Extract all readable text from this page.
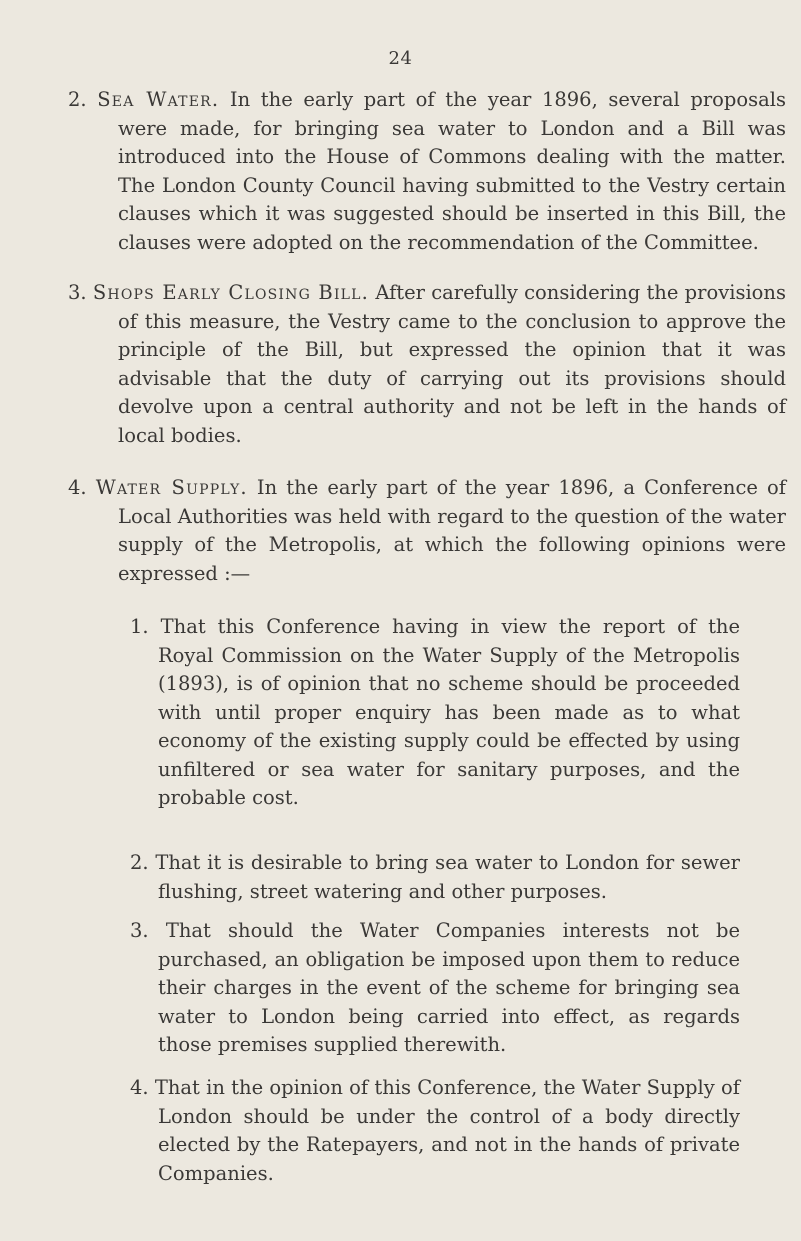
24
2. Sea Water. In the early part of the year 1896, several proposals were made, for bringing sea water to London and a Bill was introduced into the House of Commons dealing with the matter. The London County Council having submitted to the Vestry certain clauses which it was suggested should be inserted in this Bill, the clauses were adopted on the recommendation of the Committee.
3. Shops Early Closing Bill. After carefully considering the provisions of this measure, the Vestry came to the conclusion to approve the principle of the Bill, but expressed the opinion that it was advisable that the duty of carrying out its provisions should devolve upon a central authority and not be left in the hands of local bodies.
4. Water Supply. In the early part of the year 1896, a Conference of Local Authorities was held with regard to the question of the water supply of the Metropolis, at which the following opinions were expressed :—
1. That this Conference having in view the report of the Royal Commission on the Water Supply of the Metropolis (1893), is of opinion that no scheme should be proceeded with until proper enquiry has been made as to what economy of the existing supply could be effected by using unfiltered or sea water for sanitary purposes, and the probable cost.
2. That it is desirable to bring sea water to London for sewer flushing, street watering and other purposes.
3. That should the Water Companies interests not be purchased, an obligation be imposed upon them to reduce their charges in the event of the scheme for bringing sea water to London being carried into effect, as regards those premises supplied therewith.
4. That in the opinion of this Conference, the Water Supply of London should be under the control of a body directly elected by the Ratepayers, and not in the hands of private Companies.
